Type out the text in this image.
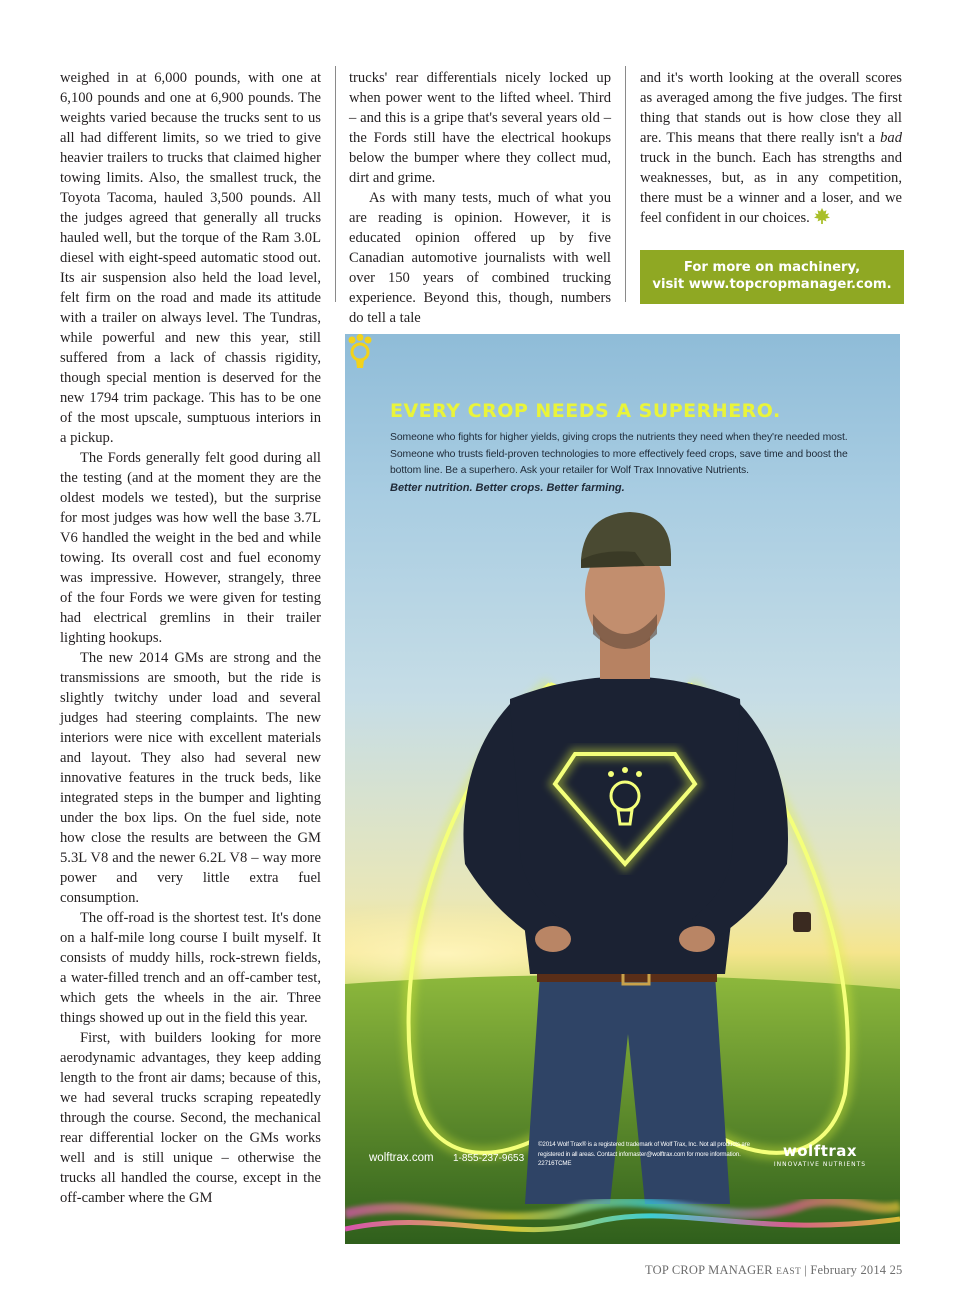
weighed in at 6,000 pounds, with one at 6,100 pounds and one at 6,900 pounds. The weights varied because the trucks sent to us all had different limits, so we tried to give heavier trailers to trucks that claimed higher towing limits. Also, the smallest truck, the Toyota Tacoma, hauled 3,500 pounds. All the judges agreed that generally all trucks hauled well, but the torque of the Ram 3.0L diesel with eight-speed automatic stood out. Its air suspension also held the load level, felt firm on the road and made its attitude with a trailer on always level. The Tundras, while powerful and new this year, still suffered from a lack of chassis rigidity, though special mention is deserved for the new 1794 trim package. This has to be one of the most upscale, sumptuous interiors in a pickup.

The Fords generally felt good during all the testing (and at the moment they are the oldest models we tested), but the surprise for most judges was how well the base 3.7L V6 handled the weight in the bed and while towing. Its overall cost and fuel economy was impressive. However, strangely, three of the four Fords we were given for testing had electrical gremlins in their trailer lighting hookups.

The new 2014 GMs are strong and the transmissions are smooth, but the ride is slightly twitchy under load and several judges had steering complaints. The new interiors were nice with excellent materials and layout. They also had several new innovative features in the truck beds, like integrated steps in the bumper and lighting under the box lips. On the fuel side, note how close the results are between the GM 5.3L V8 and the newer 6.2L V8 – way more power and very little extra fuel consumption.

The off-road is the shortest test. It's done on a half-mile long course I built myself. It consists of muddy hills, rock-strewn fields, a water-filled trench and an off-camber test, which gets the wheels in the air. Three things showed up out in the field this year.

First, with builders looking for more aerodynamic advantages, they keep adding length to the front air dams; because of this, we had several trucks scraping repeatedly through the course. Second, the mechanical rear differential locker on the GMs works well and is still unique – otherwise the trucks all handled the course, except in the off-camber where the GM

trucks' rear differentials nicely locked up when power went to the lifted wheel. Third – and this is a gripe that's several years old – the Fords still have the electrical hookups below the bumper where they collect mud, dirt and grime.

As with many tests, much of what you are reading is opinion. However, it is educated opinion offered up by five Canadian automotive journalists with well over 150 years of combined trucking experience. Beyond this, though, numbers do tell a tale

and it's worth looking at the overall scores as averaged among the five judges. The first thing that stands out is how close they all are. This means that there really isn't a bad truck in the bunch. Each has strengths and weaknesses, but, as in any competition, there must be a winner and a loser, and we feel confident in our choices.

For more on machinery,
visit www.topcropmanager.com.
EVERY CROP NEEDS A SUPERHERO.
Someone who fights for higher yields, giving crops the nutrients they need when they're needed most. Someone who trusts field-proven technologies to more effectively feed crops, save time and boost the bottom line. Be a superhero. Ask your retailer for Wolf Trax Innovative Nutrients.
Better nutrition. Better crops. Better farming.
wolftrax.com 1-855-237-9653
©2014 Wolf Trax® is a registered trademark of Wolf Trax, Inc. Not all products are registered in all areas. Contact infomaster@wolftrax.com for more information. 22716TCME
wolftrax
INNOVATIVE NUTRIENTS
TOP CROP MANAGER EAST | February 2014 25
